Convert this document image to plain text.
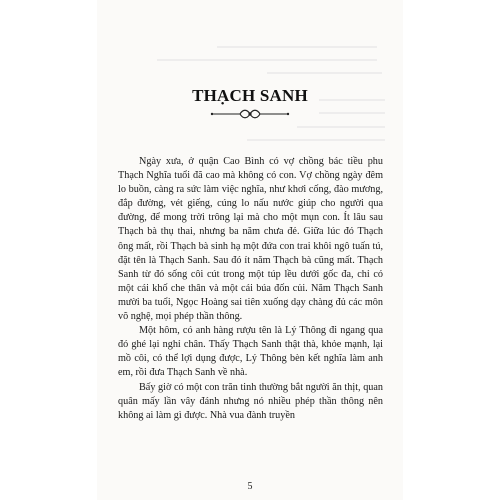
THẠCH SANH

Ngày xưa, ở quận Cao Bình có vợ chồng bác tiều phu Thạch Nghĩa tuổi đã cao mà không có con. Vợ chồng ngày đêm lo buồn, càng ra sức làm việc nghĩa, như khơi cống, đào mương, đắp đường, vét giếng, cúng lo nấu nước giúp cho người qua đường, để mong trời trông lại mà cho một mụn con. Ít lâu sau Thạch bà thụ thai, nhưng ba năm chưa đẻ. Giữa lúc đó Thạch ông mất, rồi Thạch bà sinh hạ một đứa con trai khôi ngô tuấn tú, đặt tên là Thạch Sanh. Sau đó ít năm Thạch bà cũng mất. Thạch Sanh từ đó sống côi cút trong một túp lều dưới gốc đa, chỉ có một cái khố che thân và một cái búa đốn củi. Năm Thạch Sanh mười ba tuổi, Ngọc Hoàng sai tiên xuống dạy chàng đủ các môn võ nghệ, mọi phép thần thông.

Một hôm, có anh hàng rượu tên là Lý Thông đi ngang qua đó ghé lại nghỉ chân. Thấy Thạch Sanh thật thà, khỏe mạnh, lại mồ côi, có thể lợi dụng được, Lý Thông bèn kết nghĩa làm anh em, rồi đưa Thạch Sanh về nhà.

Bấy giờ có một con trăn tinh thường bắt người ăn thịt, quan quân mấy lần vây đánh nhưng nó nhiều phép thần thông nên không ai làm gì được. Nhà vua đành truyền

5
